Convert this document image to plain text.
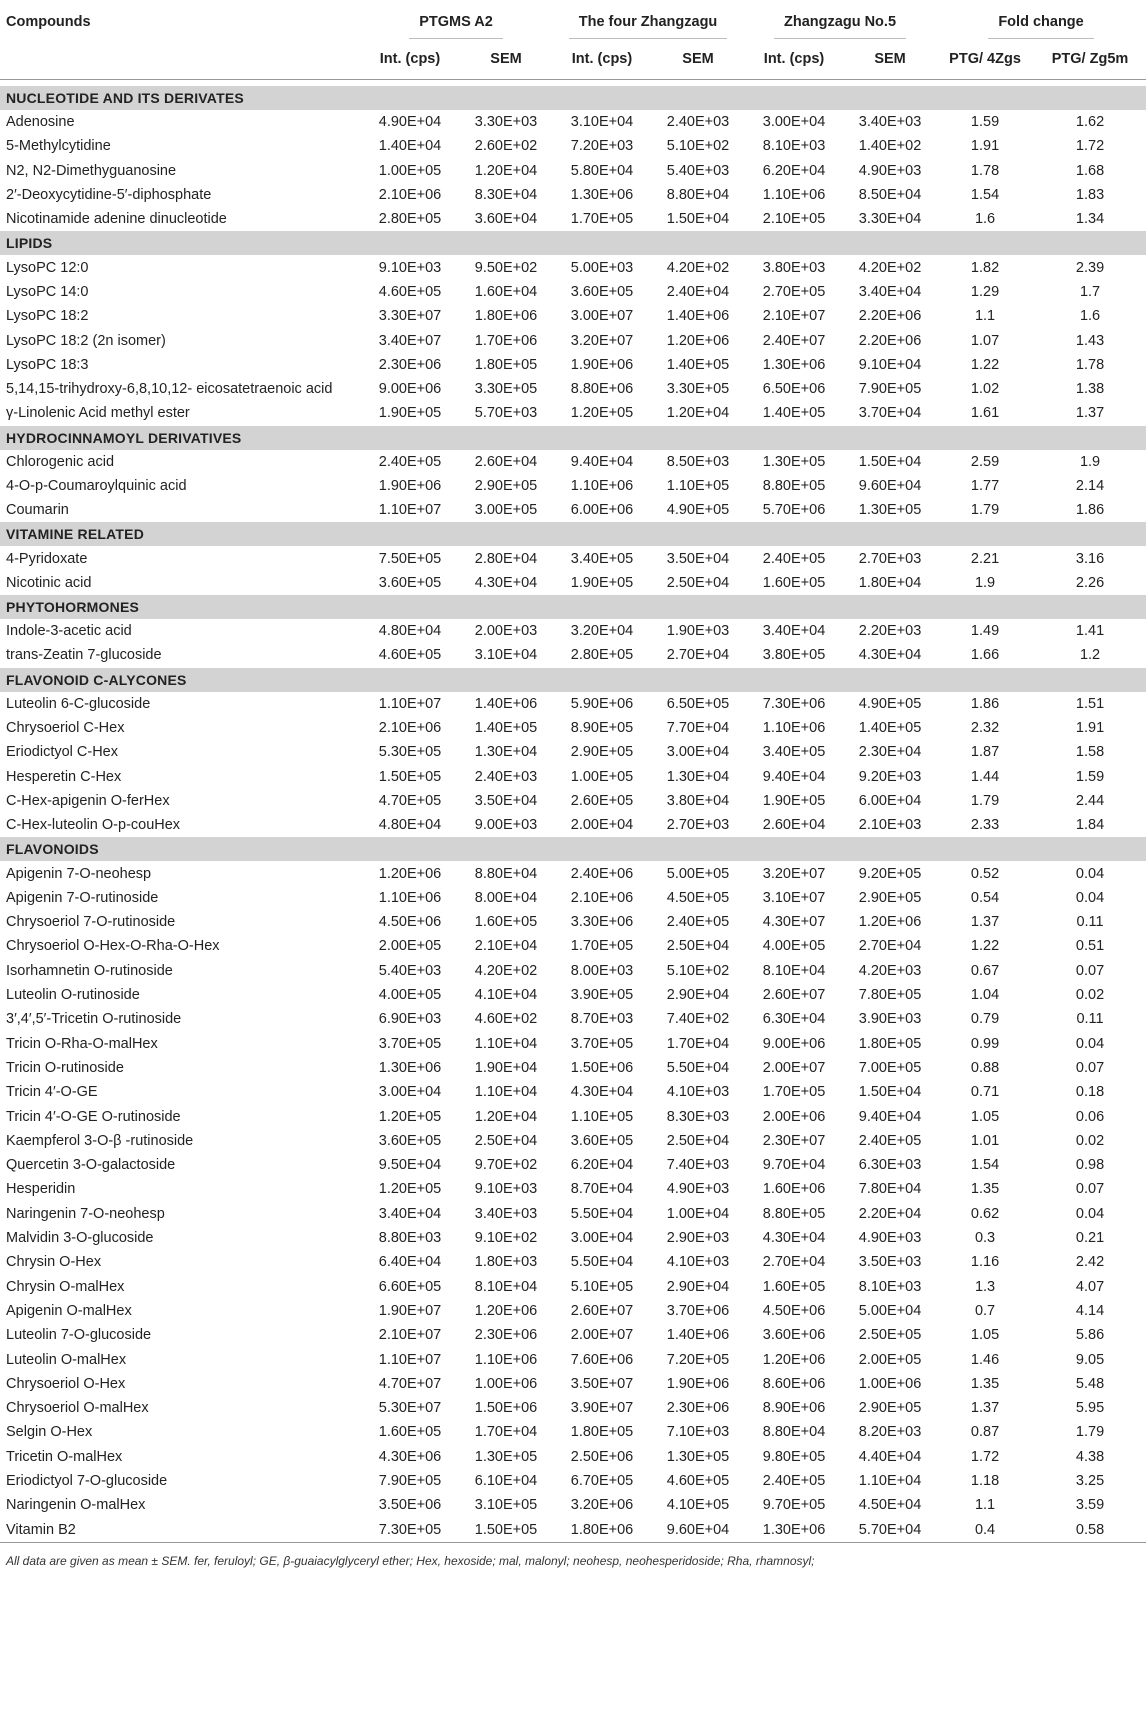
Compounds	PTGMS A2		The four Zhangzagu		Zhangzagu No.5		Fold change	
	Int. (cps)	SEM	Int. (cps)	SEM	Int. (cps)	SEM	PTG/ 4Zgs	PTG/ Zg5m

NUCLEOTIDE AND ITS DERIVATES								
Adenosine	4.90E+04	3.30E+03	3.10E+04	2.40E+03	3.00E+04	3.40E+03	1.59	1.62
5-Methylcytidine	1.40E+04	2.60E+02	7.20E+03	5.10E+02	8.10E+03	1.40E+02	1.91	1.72
N2, N2-Dimethyguanosine	1.00E+05	1.20E+04	5.80E+04	5.40E+03	6.20E+04	4.90E+03	1.78	1.68
2′-Deoxycytidine-5′-diphosphate	2.10E+06	8.30E+04	1.30E+06	8.80E+04	1.10E+06	8.50E+04	1.54	1.83
Nicotinamide adenine dinucleotide	2.80E+05	3.60E+04	1.70E+05	1.50E+04	2.10E+05	3.30E+04	1.6	1.34
LIPIDS								
LysoPC 12:0	9.10E+03	9.50E+02	5.00E+03	4.20E+02	3.80E+03	4.20E+02	1.82	2.39
LysoPC 14:0	4.60E+05	1.60E+04	3.60E+05	2.40E+04	2.70E+05	3.40E+04	1.29	1.7
LysoPC 18:2	3.30E+07	1.80E+06	3.00E+07	1.40E+06	2.10E+07	2.20E+06	1.1	1.6
LysoPC 18:2 (2n isomer)	3.40E+07	1.70E+06	3.20E+07	1.20E+06	2.40E+07	2.20E+06	1.07	1.43
LysoPC 18:3	2.30E+06	1.80E+05	1.90E+06	1.40E+05	1.30E+06	9.10E+04	1.22	1.78
5,14,15-trihydroxy-6,8,10,12- eicosatetraenoic acid	9.00E+06	3.30E+05	8.80E+06	3.30E+05	6.50E+06	7.90E+05	1.02	1.38
γ-Linolenic Acid methyl ester	1.90E+05	5.70E+03	1.20E+05	1.20E+04	1.40E+05	3.70E+04	1.61	1.37
HYDROCINNAMOYL DERIVATIVES								
Chlorogenic acid	2.40E+05	2.60E+04	9.40E+04	8.50E+03	1.30E+05	1.50E+04	2.59	1.9
4-O-p-Coumaroylquinic acid	1.90E+06	2.90E+05	1.10E+06	1.10E+05	8.80E+05	9.60E+04	1.77	2.14
Coumarin	1.10E+07	3.00E+05	6.00E+06	4.90E+05	5.70E+06	1.30E+05	1.79	1.86
VITAMINE RELATED								
4-Pyridoxate	7.50E+05	2.80E+04	3.40E+05	3.50E+04	2.40E+05	2.70E+03	2.21	3.16
Nicotinic acid	3.60E+05	4.30E+04	1.90E+05	2.50E+04	1.60E+05	1.80E+04	1.9	2.26
PHYTOHORMONES								
Indole-3-acetic acid	4.80E+04	2.00E+03	3.20E+04	1.90E+03	3.40E+04	2.20E+03	1.49	1.41
trans-Zeatin 7-glucoside	4.60E+05	3.10E+04	2.80E+05	2.70E+04	3.80E+05	4.30E+04	1.66	1.2
FLAVONOID C-ALYCONES								
Luteolin 6-C-glucoside	1.10E+07	1.40E+06	5.90E+06	6.50E+05	7.30E+06	4.90E+05	1.86	1.51
Chrysoeriol C-Hex	2.10E+06	1.40E+05	8.90E+05	7.70E+04	1.10E+06	1.40E+05	2.32	1.91
Eriodictyol C-Hex	5.30E+05	1.30E+04	2.90E+05	3.00E+04	3.40E+05	2.30E+04	1.87	1.58
Hesperetin C-Hex	1.50E+05	2.40E+03	1.00E+05	1.30E+04	9.40E+04	9.20E+03	1.44	1.59
C-Hex-apigenin O-ferHex	4.70E+05	3.50E+04	2.60E+05	3.80E+04	1.90E+05	6.00E+04	1.79	2.44
C-Hex-luteolin O-p-couHex	4.80E+04	9.00E+03	2.00E+04	2.70E+03	2.60E+04	2.10E+03	2.33	1.84
FLAVONOIDS								
Apigenin 7-O-neohesp	1.20E+06	8.80E+04	2.40E+06	5.00E+05	3.20E+07	9.20E+05	0.52	0.04
Apigenin 7-O-rutinoside	1.10E+06	8.00E+04	2.10E+06	4.50E+05	3.10E+07	2.90E+05	0.54	0.04
Chrysoeriol 7-O-rutinoside	4.50E+06	1.60E+05	3.30E+06	2.40E+05	4.30E+07	1.20E+06	1.37	0.11
Chrysoeriol O-Hex-O-Rha-O-Hex	2.00E+05	2.10E+04	1.70E+05	2.50E+04	4.00E+05	2.70E+04	1.22	0.51
Isorhamnetin O-rutinoside	5.40E+03	4.20E+02	8.00E+03	5.10E+02	8.10E+04	4.20E+03	0.67	0.07
Luteolin O-rutinoside	4.00E+05	4.10E+04	3.90E+05	2.90E+04	2.60E+07	7.80E+05	1.04	0.02
3′,4′,5′-Tricetin O-rutinoside	6.90E+03	4.60E+02	8.70E+03	7.40E+02	6.30E+04	3.90E+03	0.79	0.11
Tricin O-Rha-O-malHex	3.70E+05	1.10E+04	3.70E+05	1.70E+04	9.00E+06	1.80E+05	0.99	0.04
Tricin O-rutinoside	1.30E+06	1.90E+04	1.50E+06	5.50E+04	2.00E+07	7.00E+05	0.88	0.07
Tricin 4′-O-GE	3.00E+04	1.10E+04	4.30E+04	4.10E+03	1.70E+05	1.50E+04	0.71	0.18
Tricin 4′-O-GE O-rutinoside	1.20E+05	1.20E+04	1.10E+05	8.30E+03	2.00E+06	9.40E+04	1.05	0.06
Kaempferol 3-O-β -rutinoside	3.60E+05	2.50E+04	3.60E+05	2.50E+04	2.30E+07	2.40E+05	1.01	0.02
Quercetin 3-O-galactoside	9.50E+04	9.70E+02	6.20E+04	7.40E+03	9.70E+04	6.30E+03	1.54	0.98
Hesperidin	1.20E+05	9.10E+03	8.70E+04	4.90E+03	1.60E+06	7.80E+04	1.35	0.07
Naringenin 7-O-neohesp	3.40E+04	3.40E+03	5.50E+04	1.00E+04	8.80E+05	2.20E+04	0.62	0.04
Malvidin 3-O-glucoside	8.80E+03	9.10E+02	3.00E+04	2.90E+03	4.30E+04	4.90E+03	0.3	0.21
Chrysin O-Hex	6.40E+04	1.80E+03	5.50E+04	4.10E+03	2.70E+04	3.50E+03	1.16	2.42
Chrysin O-malHex	6.60E+05	8.10E+04	5.10E+05	2.90E+04	1.60E+05	8.10E+03	1.3	4.07
Apigenin O-malHex	1.90E+07	1.20E+06	2.60E+07	3.70E+06	4.50E+06	5.00E+04	0.7	4.14
Luteolin 7-O-glucoside	2.10E+07	2.30E+06	2.00E+07	1.40E+06	3.60E+06	2.50E+05	1.05	5.86
Luteolin O-malHex	1.10E+07	1.10E+06	7.60E+06	7.20E+05	1.20E+06	2.00E+05	1.46	9.05
Chrysoeriol O-Hex	4.70E+07	1.00E+06	3.50E+07	1.90E+06	8.60E+06	1.00E+06	1.35	5.48
Chrysoeriol O-malHex	5.30E+07	1.50E+06	3.90E+07	2.30E+06	8.90E+06	2.90E+05	1.37	5.95
Selgin O-Hex	1.60E+05	1.70E+04	1.80E+05	7.10E+03	8.80E+04	8.20E+03	0.87	1.79
Tricetin O-malHex	4.30E+06	1.30E+05	2.50E+06	1.30E+05	9.80E+05	4.40E+04	1.72	4.38
Eriodictyol 7-O-glucoside	7.90E+05	6.10E+04	6.70E+05	4.60E+05	2.40E+05	1.10E+04	1.18	3.25
Naringenin O-malHex	3.50E+06	3.10E+05	3.20E+06	4.10E+05	9.70E+05	4.50E+04	1.1	3.59
Vitamin B2	7.30E+05	1.50E+05	1.80E+06	9.60E+04	1.30E+06	5.70E+04	0.4	0.58
All data are given as mean ± SEM. fer, feruloyl; GE, β-guaiacylglyceryl ether; Hex, hexoside; mal, malonyl; neohesp, neohesperidoside; Rha, rhamnosyl;								
